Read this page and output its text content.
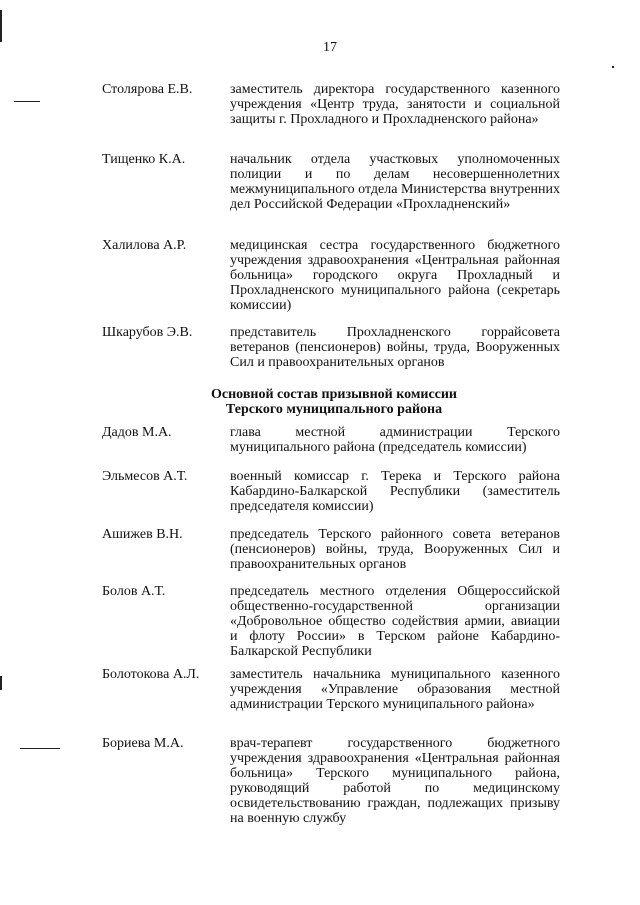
17
Столярова Е.В.	заместитель директора государственного казенного учреждения «Центр труда, занятости и социальной защиты г. Прохладного и Прохладненского района»
Тищенко К.А.	начальник отдела участковых уполномоченных полиции и по делам несовершеннолетних межмуниципального отдела Министерства внутренних дел Российской Федерации «Прохладненский»
Халилова А.Р.	медицинская сестра государственного бюджетного учреждения здравоохранения «Центральная районная больница» городского округа Прохладный и Прохладненского муниципального района (секретарь комиссии)
Шкарубов Э.В.	представитель Прохладненского горрайсовета ветеранов (пенсионеров) войны, труда, Вооруженных Сил и правоохранительных органов
Основной состав призывной комиссии
Терского муниципального района
Дадов М.А.	глава местной администрации Терского муниципального района (председатель комиссии)
Эльмесов А.Т.	военный комиссар г. Терека и Терского района Кабардино-Балкарской Республики (заместитель председателя комиссии)
Ашижев В.Н.	председатель Терского районного совета ветеранов (пенсионеров) войны, труда, Вооруженных Сил и правоохранительных органов
Болов А.Т.	председатель местного отделения Общероссийской общественно-государственной организации «Добровольное общество содействия армии, авиации и флоту России» в Терском районе Кабардино-Балкарской Республики
Болотокова А.Л. заместитель начальника муниципального казенного учреждения «Управление образования местной администрации Терского муниципального района»
Бориева М.А.	врач-терапевт государственного бюджетного учреждения здравоохранения «Центральная районная больница» Терского муниципального района, руководящий работой по медицинскому освидетельствованию граждан, подлежащих призыву на военную службу
